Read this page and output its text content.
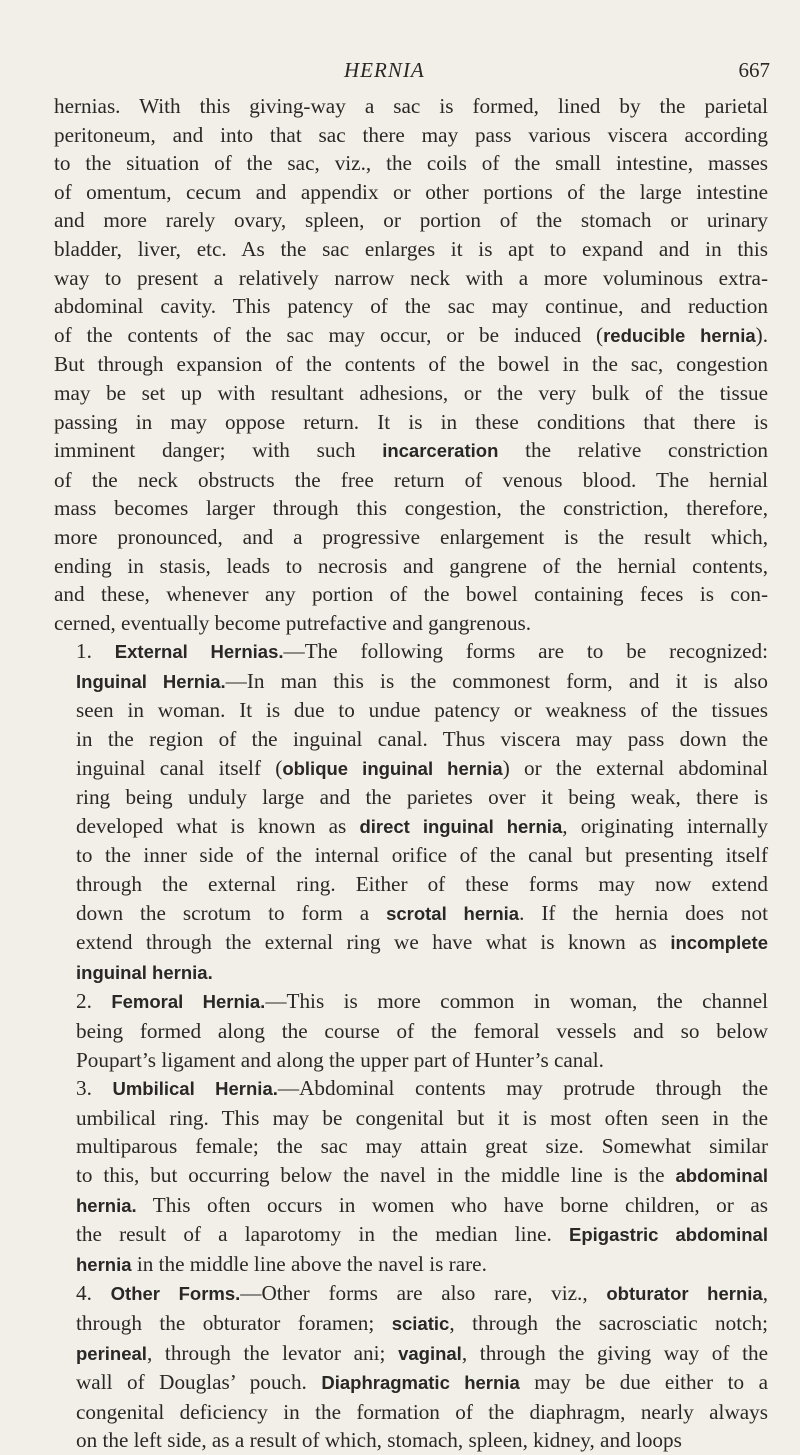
HERNIA	667

hernias. With this giving-way a sac is formed, lined by the parietal
peritoneum, and into that sac there may pass various viscera according
to the situation of the sac, viz., the coils of the small intestine, masses
of omentum, cecum and appendix or other portions of the large intestine
and more rarely ovary, spleen, or portion of the stomach or urinary
bladder, liver, etc. As the sac enlarges it is apt to expand and in this
way to present a relatively narrow neck with a more voluminous extra-
abdominal cavity. This patency of the sac may continue, and reduction
of the contents of the sac may occur, or be induced (reducible hernia).
But through expansion of the contents of the bowel in the sac, congestion
may be set up with resultant adhesions, or the very bulk of the tissue
passing in may oppose return. It is in these conditions that there is
imminent danger; with such incarceration the relative constriction
of the neck obstructs the free return of venous blood. The hernial
mass becomes larger through this congestion, the constriction, therefore,
more pronounced, and a progressive enlargement is the result which,
ending in stasis, leads to necrosis and gangrene of the hernial contents,
and these, whenever any portion of the bowel containing feces is con-
cerned, eventually become putrefactive and gangrenous.

1. External Hernias.—The following forms are to be recognized:
Inguinal Hernia.—In man this is the commonest form, and it is also
seen in woman. It is due to undue patency or weakness of the tissues
in the region of the inguinal canal. Thus viscera may pass down the
inguinal canal itself (oblique inguinal hernia) or the external abdominal
ring being unduly large and the parietes over it being weak, there is
developed what is known as direct inguinal hernia, originating internally
to the inner side of the internal orifice of the canal but presenting itself
through the external ring. Either of these forms may now extend
down the scrotum to form a scrotal hernia. If the hernia does not
extend through the external ring we have what is known as incomplete
inguinal hernia.

2. Femoral Hernia.—This is more common in woman, the channel
being formed along the course of the femoral vessels and so below
Poupart’s ligament and along the upper part of Hunter’s canal.

3. Umbilical Hernia.—Abdominal contents may protrude through the
umbilical ring. This may be congenital but it is most often seen in the
multiparous female; the sac may attain great size. Somewhat similar
to this, but occurring below the navel in the middle line is the abdominal
hernia. This often occurs in women who have borne children, or as
the result of a laparotomy in the median line. Epigastric abdominal
hernia in the middle line above the navel is rare.

4. Other Forms.—Other forms are also rare, viz., obturator hernia,
through the obturator foramen; sciatic, through the sacrosciatic notch;
perineal, through the levator ani; vaginal, through the giving way of the
wall of Douglas’ pouch. Diaphragmatic hernia may be due either to a
congenital deficiency in the formation of the diaphragm, nearly always
on the left side, as a result of which, stomach, spleen, kidney, and loops
